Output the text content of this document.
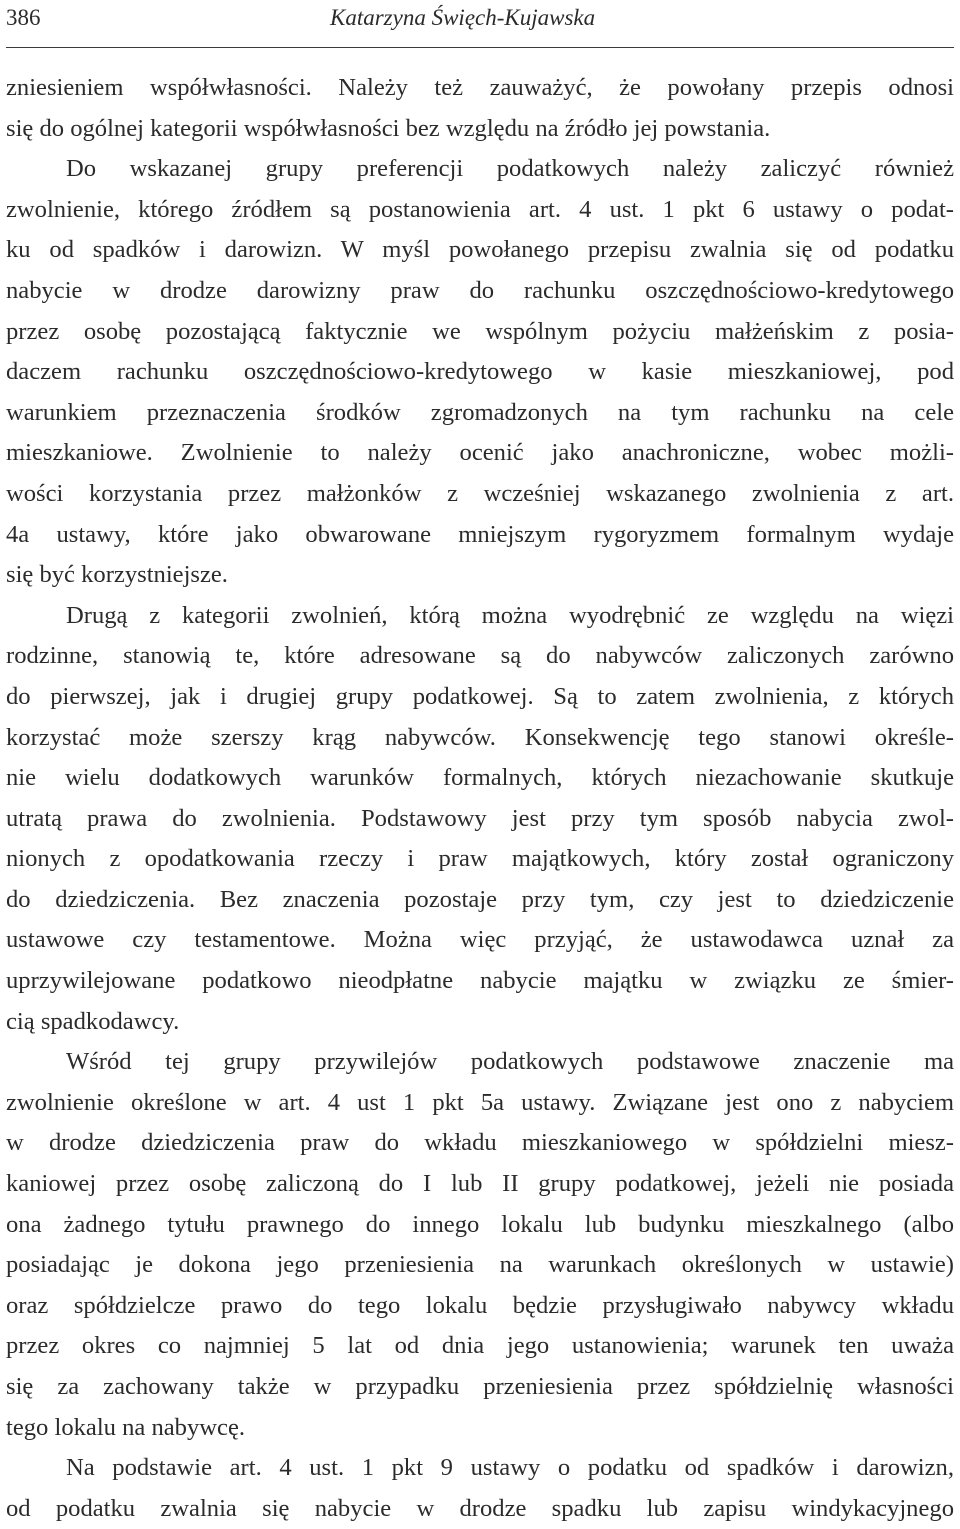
386	Katarzyna Święch-Kujawska
zniesieniem współwłasności. Należy też zauważyć, że powołany przepis odnosi
się do ogólnej kategorii współwłasności bez względu na źródło jej powstania.
Do wskazanej grupy preferencji podatkowych należy zaliczyć również
zwolnienie, którego źródłem są postanowienia art. 4 ust. 1 pkt 6 ustawy o podat-
ku od spadków i darowizn. W myśl powołanego przepisu zwalnia się od podatku
nabycie w drodze darowizny praw do rachunku oszczędnościowo-kredytowego
przez osobę pozostającą faktycznie we wspólnym pożyciu małżeńskim z posia-
daczem rachunku oszczędnościowo-kredytowego w kasie mieszkaniowej, pod
warunkiem przeznaczenia środków zgromadzonych na tym rachunku na cele
mieszkaniowe. Zwolnienie to należy ocenić jako anachroniczne, wobec możli-
wości korzystania przez małżonków z wcześniej wskazanego zwolnienia z art.
4a ustawy, które jako obwarowane mniejszym rygoryzmem formalnym wydaje
się być korzystniejsze.
Drugą z kategorii zwolnień, którą można wyodrębnić ze względu na więzi
rodzinne, stanowią te, które adresowane są do nabywców zaliczonych zarówno
do pierwszej, jak i drugiej grupy podatkowej. Są to zatem zwolnienia, z których
korzystać może szerszy krąg nabywców. Konsekwencję tego stanowi określe-
nie wielu dodatkowych warunków formalnych, których niezachowanie skutkuje
utratą prawa do zwolnienia. Podstawowy jest przy tym sposób nabycia zwol-
nionych z opodatkowania rzeczy i praw majątkowych, który został ograniczony
do dziedziczenia. Bez znaczenia pozostaje przy tym, czy jest to dziedziczenie
ustawowe czy testamentowe. Można więc przyjąć, że ustawodawca uznał za
uprzywilejowane podatkowo nieodpłatne nabycie majątku w związku ze śmier-
cią spadkodawcy.
Wśród tej grupy przywilejów podatkowych podstawowe znaczenie ma
zwolnienie określone w art. 4 ust 1 pkt 5a ustawy. Związane jest ono z nabyciem
w drodze dziedziczenia praw do wkładu mieszkaniowego w spółdzielni miesz-
kaniowej przez osobę zaliczoną do I lub II grupy podatkowej, jeżeli nie posiada
ona żadnego tytułu prawnego do innego lokalu lub budynku mieszkalnego (albo
posiadając je dokona jego przeniesienia na warunkach określonych w ustawie)
oraz spółdzielcze prawo do tego lokalu będzie przysługiwało nabywcy wkładu
przez okres co najmniej 5 lat od dnia jego ustanowienia; warunek ten uważa
się za zachowany także w przypadku przeniesienia przez spółdzielnię własności
tego lokalu na nabywcę.
Na podstawie art. 4 ust. 1 pkt 9 ustawy o podatku od spadków i darowizn,
od podatku zwalnia się nabycie w drodze spadku lub zapisu windykacyjnego
